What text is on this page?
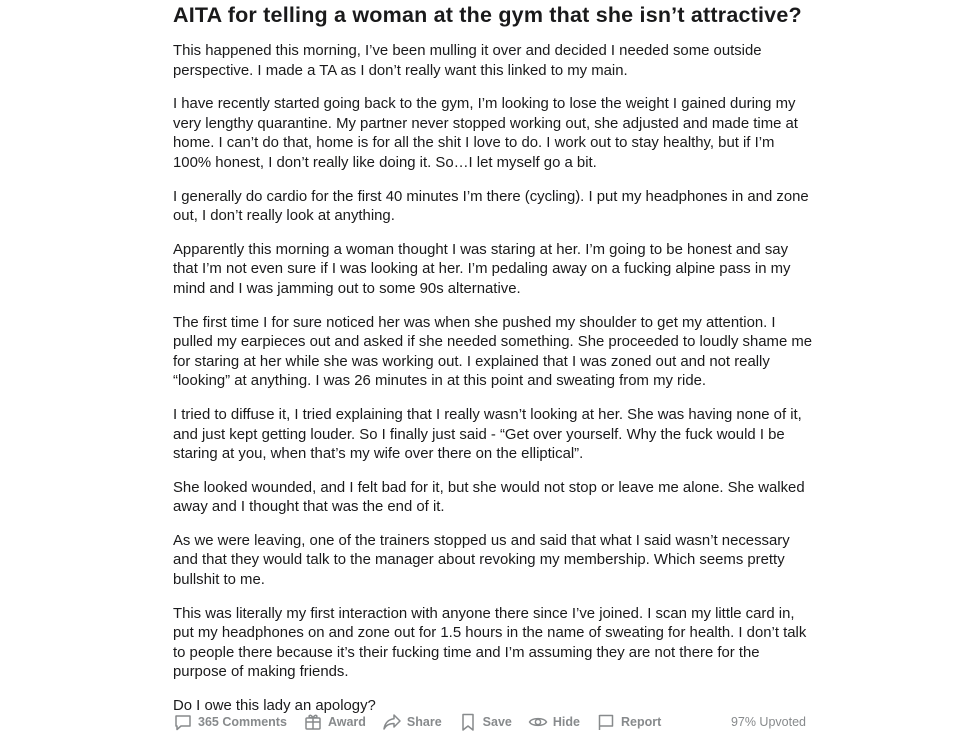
AITA for telling a woman at the gym that she isn’t attractive?

This happened this morning, I’ve been mulling it over and decided I needed some outside perspective. I made a TA as I don’t really want this linked to my main.

I have recently started going back to the gym, I’m looking to lose the weight I gained during my very lengthy quarantine. My partner never stopped working out, she adjusted and made time at home. I can’t do that, home is for all the shit I love to do. I work out to stay healthy, but if I’m 100% honest, I don’t really like doing it. So…I let myself go a bit.

I generally do cardio for the first 40 minutes I’m there (cycling). I put my headphones in and zone out, I don’t really look at anything.

Apparently this morning a woman thought I was staring at her. I’m going to be honest and say that I’m not even sure if I was looking at her. I’m pedaling away on a fucking alpine pass in my mind and I was jamming out to some 90s alternative.

The first time I for sure noticed her was when she pushed my shoulder to get my attention. I pulled my earpieces out and asked if she needed something. She proceeded to loudly shame me for staring at her while she was working out. I explained that I was zoned out and not really “looking” at anything. I was 26 minutes in at this point and sweating from my ride.

I tried to diffuse it, I tried explaining that I really wasn’t looking at her. She was having none of it, and just kept getting louder. So I finally just said - “Get over yourself. Why the fuck would I be staring at you, when that’s my wife over there on the elliptical”.

She looked wounded, and I felt bad for it, but she would not stop or leave me alone. She walked away and I thought that was the end of it.

As we were leaving, one of the trainers stopped us and said that what I said wasn’t necessary and that they would talk to the manager about revoking my membership. Which seems pretty bullshit to me.

This was literally my first interaction with anyone there since I’ve joined. I scan my little card in, put my headphones on and zone out for 1.5 hours in the name of sweating for health. I don’t talk to people there because it’s their fucking time and I’m assuming they are not there for the purpose of making friends.

Do I owe this lady an apology?

365 Comments	Award	Share	Save	Hide	Report	97% Upvoted
